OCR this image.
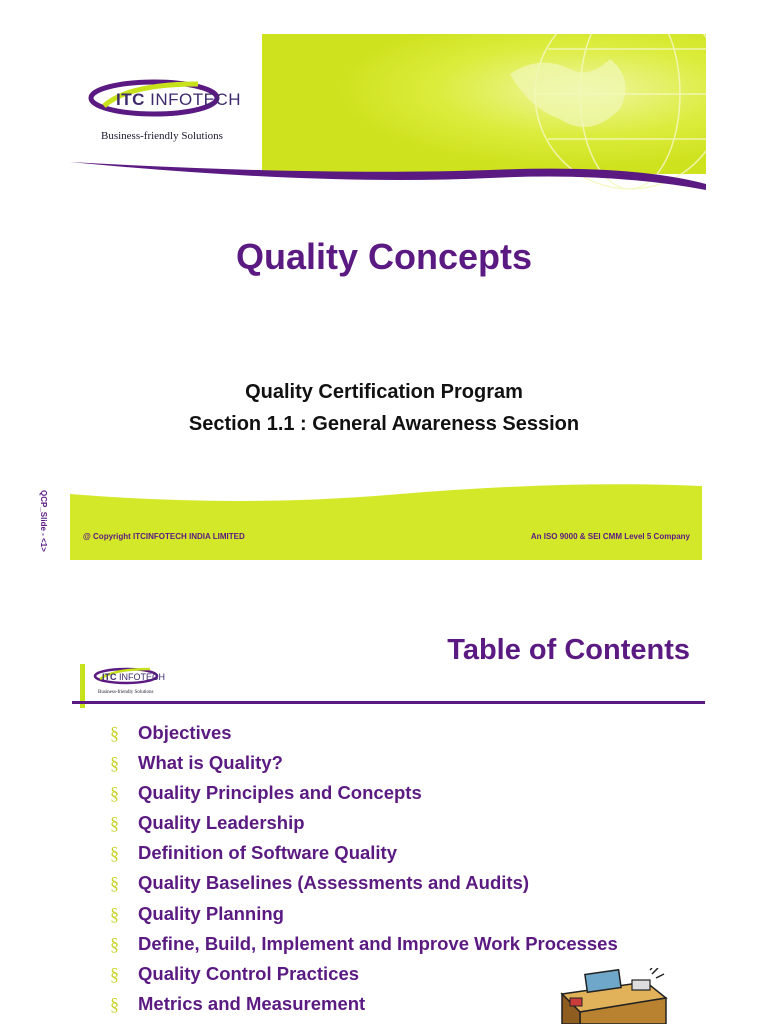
ITC INFOTECH
Business-friendly Solutions
Quality Concepts
Quality Certification Program
Section 1.1 : General Awareness Session
@ Copyright ITCINFOTECH INDIA LIMITED	An ISO 9000 & SEI CMM Level 5 Company
QCP_Slide - <1>
Table of Contents
ITC INFOTECH
Business-friendly Solutions
§ Objectives
§ What is Quality?
§ Quality Principles and Concepts
§ Quality Leadership
§ Definition of Software Quality
§ Quality Baselines (Assessments and Audits)
§ Quality Planning
§ Define, Build, Implement and Improve Work Processes
§ Quality Control Practices
§ Metrics and Measurement
